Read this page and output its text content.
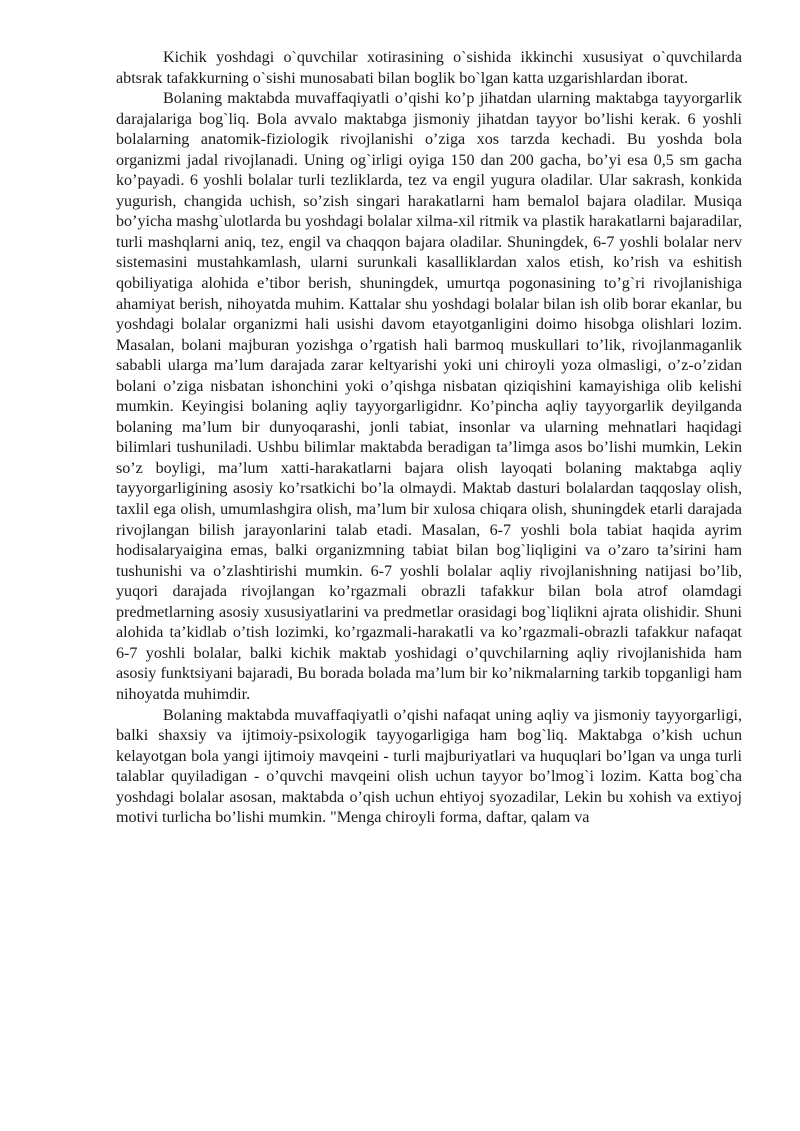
Kichik yoshdagi o`quvchilar xotirasining o`sishida ikkinchi xususiyat o`quvchilarda abtsrak tafakkurning o`sishi munosabati bilan boglik bo`lgan katta uzgarishlardan iborat.

Bolaning maktabda muvaffaqiyatli o’qishi ko’p jihatdan ularning maktabga tayyorgarlik darajalariga bog`liq. Bola avvalo maktabga jismoniy jihatdan tayyor bo’lishi kerak. 6 yoshli bolalarning anatomik-fiziologik rivojlanishi o’ziga xos tarzda kechadi. Bu yoshda bola organizmi jadal rivojlanadi. Uning og`irligi oyiga 150 dan 200 gacha, bo’yi esa 0,5 sm gacha ko’payadi. 6 yoshli bolalar turli tezliklarda, tez va engil yugura oladilar. Ular sakrash, konkida yugurish, changida uchish, so’zish singari harakatlarni ham bemalol bajara oladilar. Musiqa bo’yicha mashg`ulotlarda bu yoshdagi bolalar xilma-xil ritmik va plastik harakatlarni bajaradilar, turli mashqlarni aniq, tez, engil va chaqqon bajara oladilar. Shuningdek, 6-7 yoshli bolalar nerv sistemasini mustahkamlash, ularni surunkali kasalliklardan xalos etish, ko’rish va eshitish qobiliyatiga alohida e’tibor berish, shuningdek, umurtqa pogonasining to’g`ri rivojlanishiga ahamiyat berish, nihoyatda muhim. Kattalar shu yoshdagi bolalar bilan ish olib borar ekanlar, bu yoshdagi bolalar organizmi hali usishi davom etayotganligini doimo hisobga olishlari lozim. Masalan, bolani majburan yozishga o’rgatish hali barmoq muskullari to’lik, rivojlanmaganlik sababli ularga ma’lum darajada zarar keltyarishi yoki uni chiroyli yoza olmasligi, o’z-o’zidan bolani o’ziga nisbatan ishonchini yoki o’qishga nisbatan qiziqishini kamayishiga olib kelishi mumkin. Keyingisi bolaning aqliy tayyorgarligidnr. Ko’pincha aqliy tayyorgarlik deyilganda bolaning ma’lum bir dunyoqarashi, jonli tabiat, insonlar va ularning mehnatlari haqidagi bilimlari tushuniladi. Ushbu bilimlar maktabda beradigan ta’limga asos bo’lishi mumkin, Lekin so’z boyligi, ma’lum xatti-harakatlarni bajara olish layoqati bolaning maktabga aqliy tayyorgarligining asosiy ko’rsatkichi bo’la olmaydi. Maktab dasturi bolalardan taqqoslay olish, taxlil ega olish, umumlashgira olish, ma’lum bir xulosa chiqara olish, shuningdek etarli darajada rivojlangan bilish jarayonlarini talab etadi. Masalan, 6-7 yoshli bola tabiat haqida ayrim hodisalaryaigina emas, balki organizmning tabiat bilan bog`liqligini va o’zaro ta’sirini ham tushunishi va o’zlashtirishi mumkin. 6-7 yoshli bolalar aqliy rivojlanishning natijasi bo’lib, yuqori darajada rivojlangan ko’rgazmali obrazli tafakkur bilan bola atrof olamdagi predmetlarning asosiy xususiyatlarini va predmetlar orasidagi bog`liqlikni ajrata olishidir. Shuni alohida ta’kidlab o’tish lozimki, ko’rgazmali-harakatli va ko’rgazmali-obrazli tafakkur nafaqat 6-7 yoshli bolalar, balki kichik maktab yoshidagi o’quvchilarning aqliy rivojlanishida ham asosiy funktsiyani bajaradi, Bu borada bolada ma’lum bir ko’nikmalarning tarkib topganligi ham nihoyatda muhimdir.

Bolaning maktabda muvaffaqiyatli o’qishi nafaqat uning aqliy va jismoniy tayyorgarligi, balki shaxsiy va ijtimoiy-psixologik tayyogarligiga ham bog`liq. Maktabga o’kish uchun kelayotgan bola yangi ijtimoiy mavqeini - turli majburiyatlari va huquqlari bo’lgan va unga turli talablar quyiladigan - o’quvchi mavqeini olish uchun tayyor bo’lmog`i lozim. Katta bog`cha yoshdagi bolalar asosan, maktabda o’qish uchun ehtiyoj syozadilar, Lekin bu xohish va extiyoj motivi turlicha bo’lishi mumkin. "Menga chiroyli forma, daftar, qalam va
